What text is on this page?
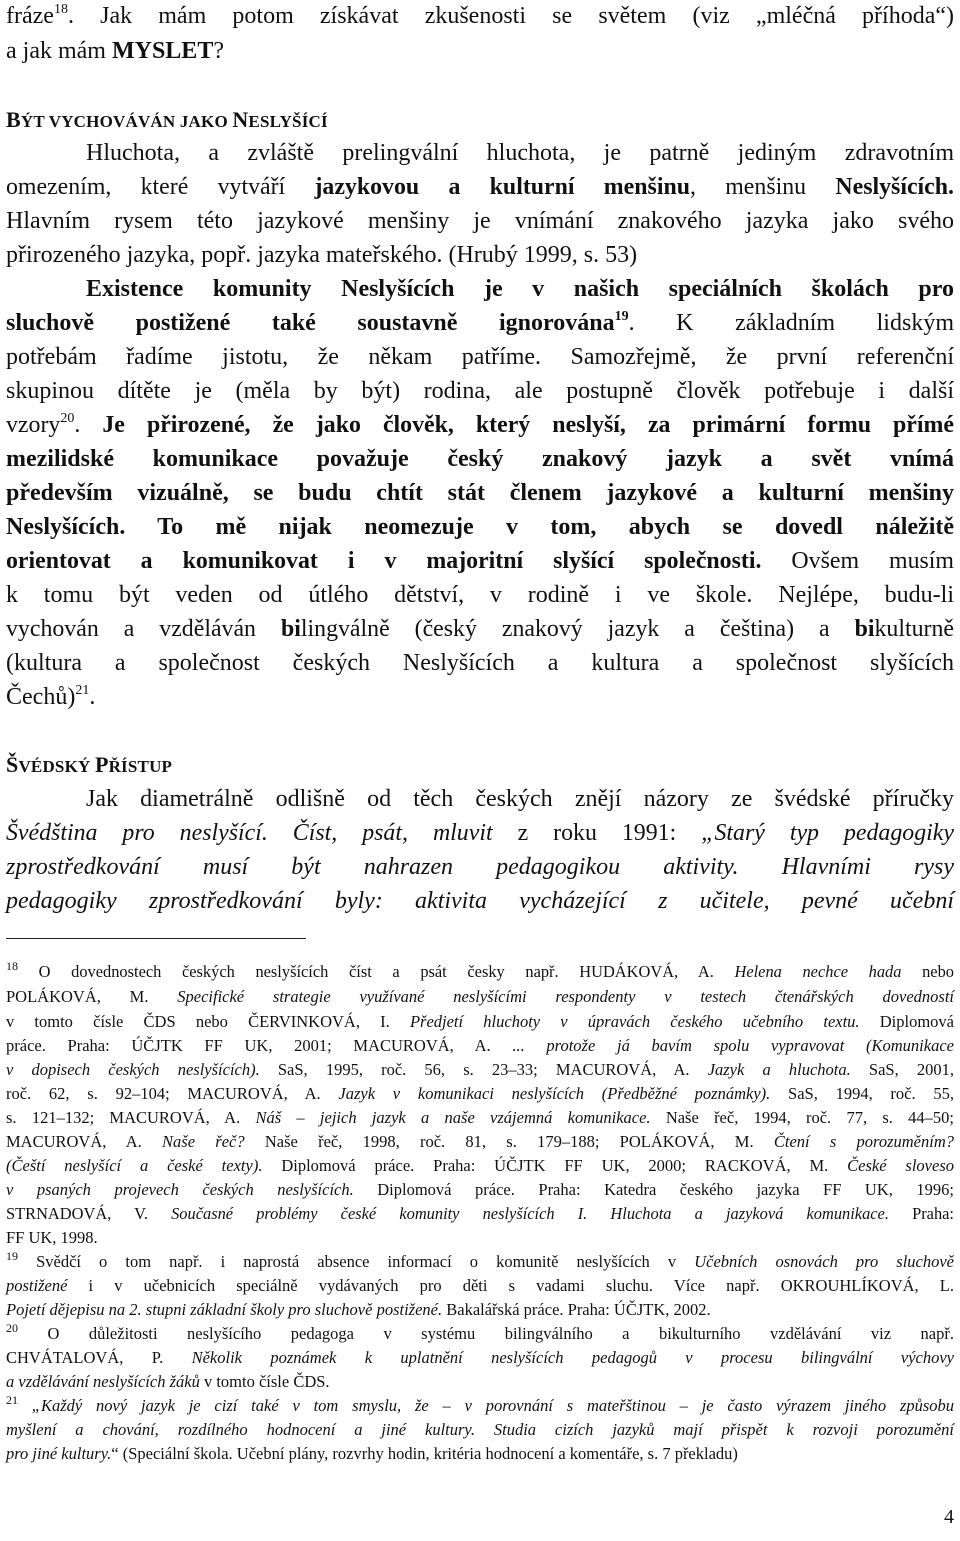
fráze$^{18}$. Jak mám potom získávat zkušenosti se světem (viz „mléčná příhoda“)

a jak mám MYSLET?

BÝT VYCHOVÁVÁN JAKO NESLYŠÍCÍ

Hluchota, a zvláště prelingvální hluchota, je patrně jediným zdravotním

omezením, které vytváří jazykovou a kulturní menšinu, menšinu Neslyšících.

Hlavním rysem této jazykové menšiny je vnímání znakového jazyka jako svého

přirozeného jazyka, popř. jazyka mateřského. (Hrubý 1999, s. 53)

Existence komunity Neslyšících je v našich speciálních školách pro

sluchově postižené také soustavně ignorována$^{19}$. K základním lidským

potřebám řadíme jistotu, že někam patříme. Samozřejmě, že první referenční

skupinou dítěte je (měla by být) rodina, ale postupně člověk potřebuje i další

vzory$^{20}$. Je přirozené, že jako člověk, který neslyší, za primární formu přímé

mezilidské komunikace považuje český znakový jazyk a svět vnímá

především vizuálně, se budu chtít stát členem jazykové a kulturní menšiny

Neslyšících. To mě nijak neomezuje v tom, abych se dovedl náležitě

orientovat a komunikovat i v majoritní slyšící společnosti. Ovšem musím

k tomu být veden od útlého dětství, v rodině i ve škole. Nejlépe, budu-li

vychován a vzděláván bilingválně (český znakový jazyk a čeština) a bikulturně

(kultura a společnost českých Neslyšících a kultura a společnost slyšících

Čechů)$^{21}$.

ŠVÉDSKÝ PŘÍSTUP

Jak diametrálně odlišně od těch českých znějí názory ze švédské příručky

Švédština pro neslyšící. Číst, psát, mluvit z roku 1991: „Starý typ pedagogiky

zprostředkování musí být nahrazen pedagogikou aktivity. Hlavními rysy

pedagogiky zprostředkování byly: aktivita vycházející z učitele, pevné učební

$^{18}$ O dovednostech českých neslyšících číst a psát česky např. HUDÁKOVÁ, A. Helena nechce hada nebo

POLÁKOVÁ, M. Specifické strategie využívané neslyšícími respondenty v testech čtenářských dovedností

v tomto čísle ČDS nebo ČERVINKOVÁ, I. Předjetí hluchoty v úpravách českého učebního textu. Diplomová

práce. Praha: ÚČJTK FF UK, 2001; MACUROVÁ, A. ... protože já bavím spolu vypravovat (Komunikace

v dopisech českých neslyšících). SaS, 1995, roč. 56, s. 23–33; MACUROVÁ, A. Jazyk a hluchota. SaS, 2001,

roč. 62, s. 92–104; MACUROVÁ, A. Jazyk v komunikaci neslyšících (Předběžné poznámky). SaS, 1994, roč. 55,

s. 121–132; MACUROVÁ, A. Náš – jejich jazyk a naše vzájemná komunikace. Naše řeč, 1994, roč. 77, s. 44–50;

MACUROVÁ, A. Naše řeč? Naše řeč, 1998, roč. 81, s. 179–188; POLÁKOVÁ, M. Čtení s porozuměním?

(Čeští neslyšící a české texty). Diplomová práce. Praha: ÚČJTK FF UK, 2000; RACKOVÁ, M. České sloveso

v psaných projevech českých neslyšících. Diplomová práce. Praha: Katedra českého jazyka FF UK, 1996;

STRNADOVÁ, V. Současné problémy české komunity neslyšících I. Hluchota a jazyková komunikace. Praha:

FF UK, 1998.

$^{19}$ Svědčí o tom např. i naprostá absence informací o komunitě neslyšících v Učebních osnovách pro sluchově

postižené i v učebnicích speciálně vydávaných pro děti s vadami sluchu. Více např. OKROUHLÍKOVÁ, L.

Pojetí dějepisu na 2. stupni základní školy pro sluchově postižené. Bakalářská práce. Praha: ÚČJTK, 2002.

$^{20}$ O důležitosti neslyšícího pedagoga v systému bilingválního a bikulturního vzdělávání viz např.

CHVÁTALOVÁ, P. Několik poznámek k uplatnění neslyšících pedagogů v procesu bilingvální výchovy

a vzdělávání neslyšících žáků v tomto čísle ČDS.

$^{21}$ „Každý nový jazyk je cizí také v tom smyslu, že – v porovnání s mateřštinou – je často výrazem jiného způsobu

myšlení a chování, rozdílného hodnocení a jiné kultury. Studia cizích jazyků mají přispět k rozvoji porozumění

pro jiné kultury.“ (Speciální škola. Učební plány, rozvrhy hodin, kritéria hodnocení a komentáře, s. 7 překladu)

4
